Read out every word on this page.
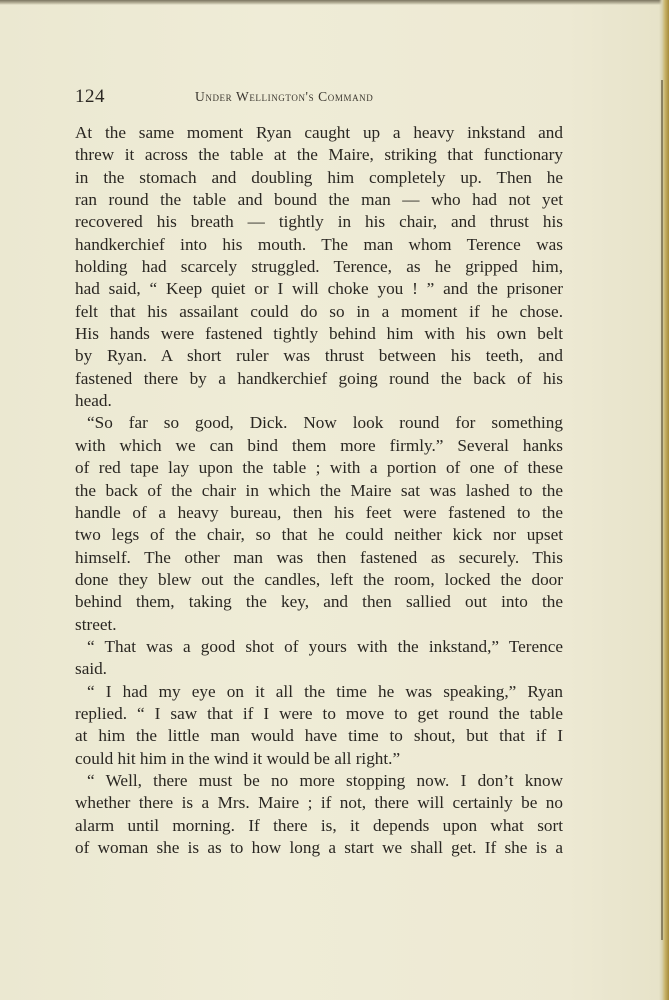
124	Under Wellington's Command
At the same moment Ryan caught up a heavy inkstand and
threw it across the table at the Maire, striking that functionary
in the stomach and doubling him completely up. Then he
ran round the table and bound the man — who had not yet
recovered his breath — tightly in his chair, and thrust his
handkerchief into his mouth. The man whom Terence was
holding had scarcely struggled. Terence, as he gripped him,
had said, “ Keep quiet or I will choke you ! ” and the prisoner
felt that his assailant could do so in a moment if he chose.
His hands were fastened tightly behind him with his own belt
by Ryan. A short ruler was thrust between his teeth, and
fastened there by a handkerchief going round the back of his
head.
“So far so good, Dick. Now look round for something
with which we can bind them more firmly.” Several hanks
of red tape lay upon the table ; with a portion of one of these
the back of the chair in which the Maire sat was lashed to the
handle of a heavy bureau, then his feet were fastened to the
two legs of the chair, so that he could neither kick nor upset
himself. The other man was then fastened as securely. This
done they blew out the candles, left the room, locked the door
behind them, taking the key, and then sallied out into the
street.
“ That was a good shot of yours with the inkstand,” Terence
said.
“ I had my eye on it all the time he was speaking,” Ryan
replied. “ I saw that if I were to move to get round the table
at him the little man would have time to shout, but that if I
could hit him in the wind it would be all right.”
“ Well, there must be no more stopping now. I don’t know
whether there is a Mrs. Maire ; if not, there will certainly be no
alarm until morning. If there is, it depends upon what sort
of woman she is as to how long a start we shall get. If she is a
